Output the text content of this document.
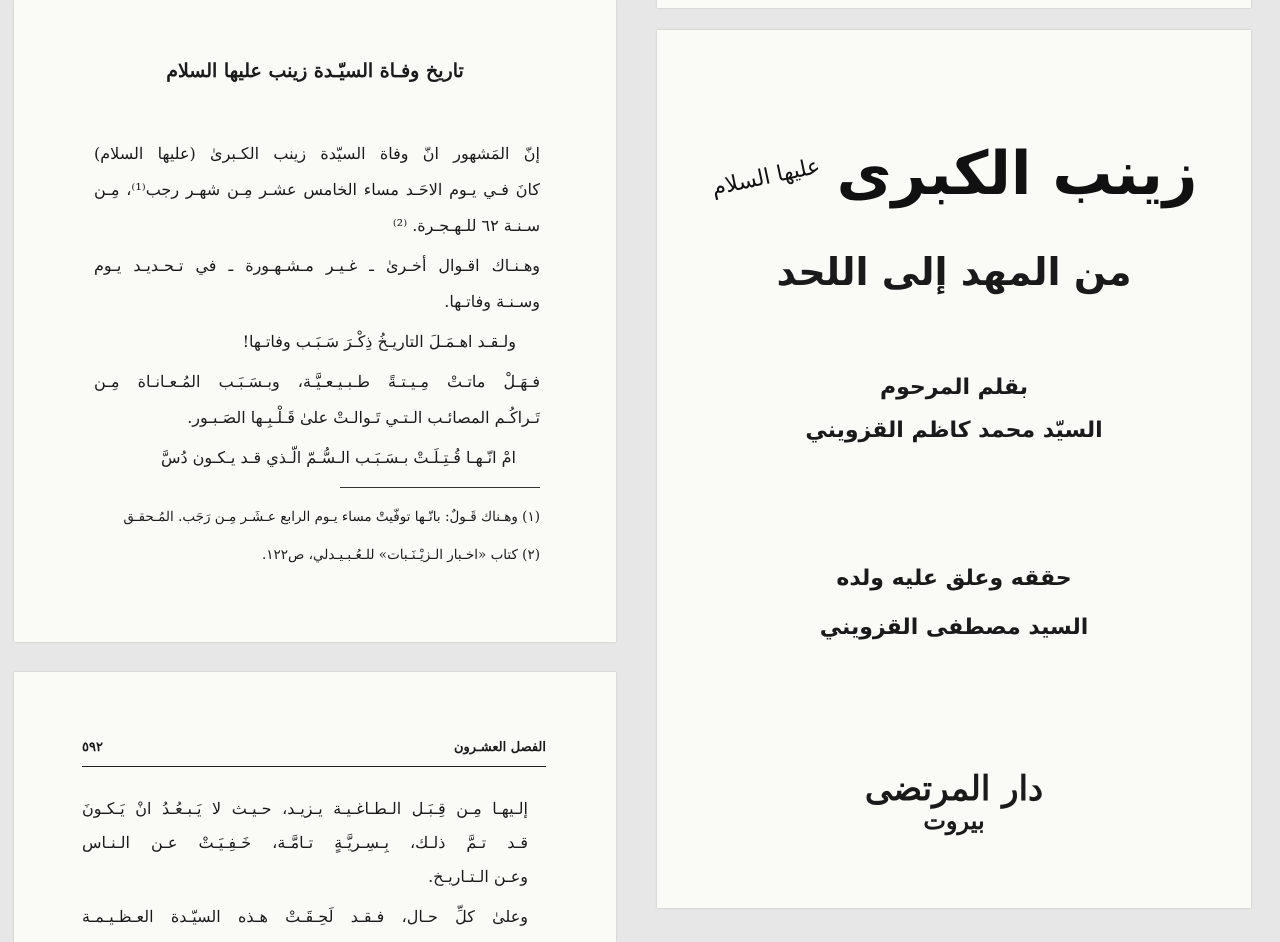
تاريخ وفـاة السيّـدة زينب عليها السلام
إنّ المَشهور انّ وفاة السيّدة زينب الكـبرىٰ (عليها السلام)
كانَ فـي يـوم الاحَـد مساء الخامس عشـر مِـن شهـر رجب⁽¹⁾، مِـن
سـنـة ٦٢ للـهـجـرة. ⁽²⁾
وهـنـاك اقـوال أخـرىٰ ـ غـيـر مـشـهـورة ـ في تـحـديـد يـوم
وسـنـة وفاتـها.
ولـقـد اهـمَـلَ التاريـخُ ذِكْـرَ سَـبَـب وفاتـها!
فـهَـلْ ماتـتْ مِـيـتـةً طـبـيـعـيَّـة، وبـسَـبَـب المُـعـانـاة مِـن
تَـراكُـم المصائـب الـتـي تَـوالـتْ علىٰ قَـلْـبِـها الصَـبـور.
امْ انّـهـا قُـتِـلَـتْ بـسَـبَـب الـسُّـمّ الّـذي قـد يـكـون دُسَّ
(١) وهـناك قَـولٌ: بانّـها توفّيتْ مساء يـوم الرابع عـشَـر مِـن رَجَب. المُـحقـق
(٢) كتاب «اخـبار الـزيْـنَـبات» للـعُـبـيـدلي، ص١٢٢.
٥٩٢	الفصل العشـرون
إلـيهـا مِـن قِـبَـل الـطـاغـيـة يـزيـد، حـيـث لا يَـبـعُـدُ انْ يَـكـونَ
قـد تـمَّ ذلـك، بِـسِـريَّـةٍ تـامَّـة، خَـفِـيَـتْ عـن الـنـاس
وعـن الـتـاريـخ.
وعلىٰ كلِّ حـال، فـقـد لَحِـقَـتْ هـذه السيّـدة العـظـيـمـة
زينب الكبرى
عليها السلام
من المهد إلى اللحد
بقلم المرحوم
السيّد محمد كاظم القزويني
حققه وعلق عليه ولده
السيد مصطفى القزويني
دار المرتضى
بيروت
